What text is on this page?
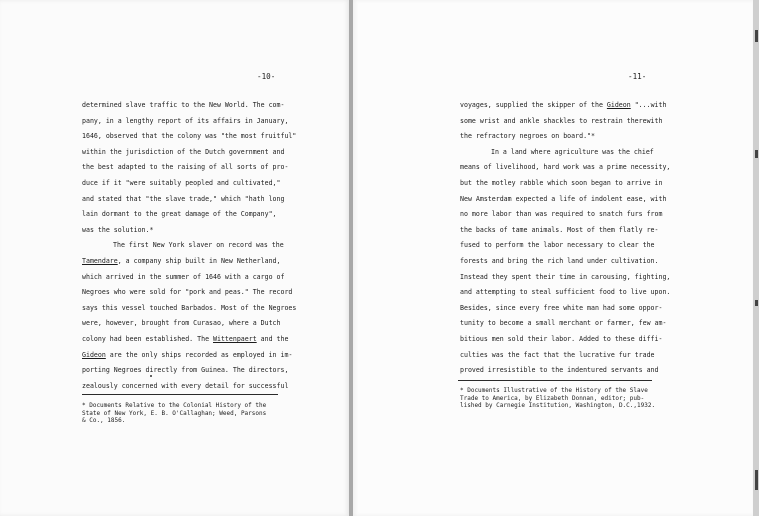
-10-
determined slave traffic to the New World. The com-
pany, in a lengthy report of its affairs in January,
1646, observed that the colony was "the most fruitful"
within the jurisdiction of the Dutch government and
the best adapted to the raising of all sorts of pro-
duce if it "were suitably peopled and cultivated,"
and stated that "the slave trade," which "hath long
lain dormant to the great damage of the Company",
was the solution.*
The first New York slaver on record was the
Tamendare, a company ship built in New Netherland,
which arrived in the summer of 1646 with a cargo of
Negroes who were sold for "pork and peas." The record
says this vessel touched Barbados. Most of the Negroes
were, however, brought from Curasao, where a Dutch
colony had been established. The Wittenpaert and the
Gideon are the only ships recorded as employed in im-
porting Negroes directly from Guinea. The directors,
zealously concerned with every detail for successful
* Documents Relative to the Colonial History of the
State of New York, E. B. O'Callaghan; Weed, Parsons
& Co., 1856.
-11-
voyages, supplied the skipper of the Gideon "...with
some wrist and ankle shackles to restrain therewith
the refractory negroes on board."*
In a land where agriculture was the chief
means of livelihood, hard work was a prime necessity,
but the motley rabble which soon began to arrive in
New Amsterdam expected a life of indolent ease, with
no more labor than was required to snatch furs from
the backs of tame animals. Most of them flatly re-
fused to perform the labor necessary to clear the
forests and bring the rich land under cultivation.
Instead they spent their time in carousing, fighting,
and attempting to steal sufficient food to live upon.
Besides, since every free white man had some oppor-
tunity to become a small merchant or farmer, few am-
bitious men sold their labor. Added to these diffi-
culties was the fact that the lucrative fur trade
proved irresistible to the indentured servants and
* Documents Illustrative of the History of the Slave
Trade to America, by Elizabeth Donnan, editor; pub-
lished by Carnegie Institution, Washington, D.C.,1932.
